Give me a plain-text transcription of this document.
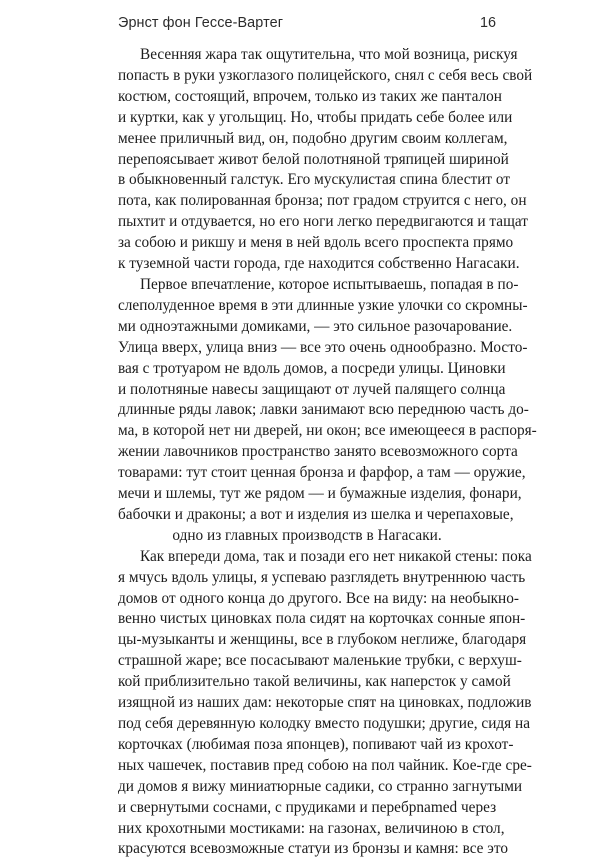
Эрнст фон Гессе-Вартег	16
Весенняя жара так ощутительна, что мой возница, рискуя
попасть в руки узкоглазого полицейского, снял с себя весь свой
костюм, состоящий, впрочем, только из таких же панталон
и куртки, как у угольщиц. Но, чтобы придать себе более или
менее приличный вид, он, подобно другим своим коллегам,
перепоясывает живот белой полотняной тряпицей шириной
в обыкновенный галстук. Его мускулистая спина блестит от
пота, как полированная бронза; пот градом струится с него, он
пыхтит и отдувается, но его ноги легко передвигаются и тащат
за собою и рикшу и меня в ней вдоль всего проспекта прямо
к туземной части города, где находится собственно Нагасаки.
Первое впечатление, которое испытываешь, попадая в по-
слеполуденное время в эти длинные узкие улочки со скромны-
ми одноэтажными домиками, — это сильное разочарование.
Улица вверх, улица вниз — все это очень однообразно. Мосто-
вая с тротуаром не вдоль домов, а посреди улицы. Циновки
и полотняные навесы защищают от лучей палящего солнца
длинные ряды лавок; лавки занимают всю переднюю часть до-
ма, в которой нет ни дверей, ни окон; все имеющееся в распоря-
жении лавочников пространство занято всевозможного сорта
товарами: тут стоит ценная бронза и фарфор, а там — оружие,
мечи и шлемы, тут же рядом — и бумажные изделия, фонари,
бабочки и драконы; а вот и изделия из шелка и черепаховые,
одно из главных производств в Нагасаки.
Как впереди дома, так и позади его нет никакой стены: пока
я мчусь вдоль улицы, я успеваю разглядеть внутреннюю часть
домов от одного конца до другого. Все на виду: на необыкно-
венно чистых циновках пола сидят на корточках сонные япон-
цы-музыканты и женщины, все в глубоком неглиже, благодаря
страшной жаре; все посасывают маленькие трубки, с верхуш-
кой приблизительно такой величины, как наперсток у самой
изящной из наших дам: некоторые спят на циновках, подложив
под себя деревянную колодку вместо подушки; другие, сидя на
корточках (любимая поза японцев), попивают чай из крохот-
ных чашечек, поставив пред собою на пол чайник. Кое-где сре-
ди домов я вижу миниатюрные садики, со странно загнутыми
и свернутыми соснами, с прудиками и перебрnamed через
них крохотными мостиками: на газонах, величиною в стол,
красуются всевозможные статуи из бронзы и камня: все это
